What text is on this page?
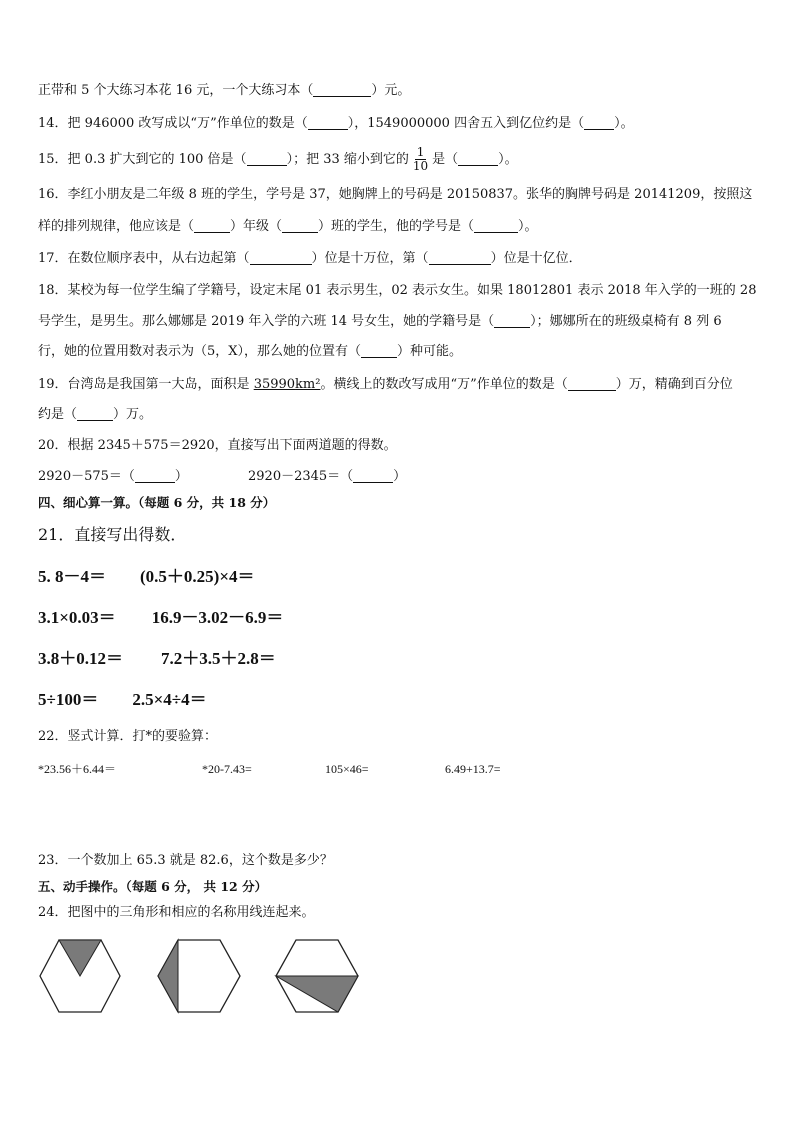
正带和 5 个大练习本花 16 元，一个大练习本（	）元。
14．把 946000 改写成以“万”作单位的数是（	），1549000000 四舍五入到亿位约是（ ）。
15．把 0.3 扩大到它的 100 倍是（	）；把 33 缩小到它的 $\frac{1}{10}$ 是（	）。
16．李红小朋友是二年级 8 班的学生，学号是 37，她胸牌上的号码是 20150837。张华的胸牌号码是 20141209，按照这
样的排列规律，他应该是（	）年级（	）班的学生，他的学号是（	）。
17．在数位顺序表中，从右边起第（	）位是十万位，第（	）位是十亿位．
18．某校为每一位学生编了学籍号，设定末尾 01 表示男生，02 表示女生。如果 18012801 表示 2018 年入学的一班的 28
号学生，是男生。那么娜娜是 2019 年入学的六班 14 号女生，她的学籍号是（	）；娜娜所在的班级桌椅有 8 列 6
行，她的位置用数对表示为（5，X），那么她的位置有（	）种可能。
19．台湾岛是我国第一大岛，面积是 35990km²。横线上的数改写成用“万”作单位的数是（	）万，精确到百分位
约是（	）万。
20．根据 2345＋575＝2920，直接写出下面两道题的得数。
2920－575＝（	）	2920－2345＝（	）
四、细心算一算。（每题 6 分，共 18 分）
21．直接写出得数．
5. 8－4＝ (0.5＋0.25)×4＝
3.1×0.03＝ 16.9－3.02－6.9＝
3.8＋0.12＝ 7.2＋3.5＋2.8＝
5÷100＝ 2.5×4÷4＝
22．竖式计算．打*的要验算：
*23.56＋6.44＝	*20-7.43=	105×46=	6.49+13.7=
23．一个数加上 65.3 就是 82.6，这个数是多少？
五、动手操作。（每题 6 分， 共 12 分）
24．把图中的三角形和相应的名称用线连起来。
